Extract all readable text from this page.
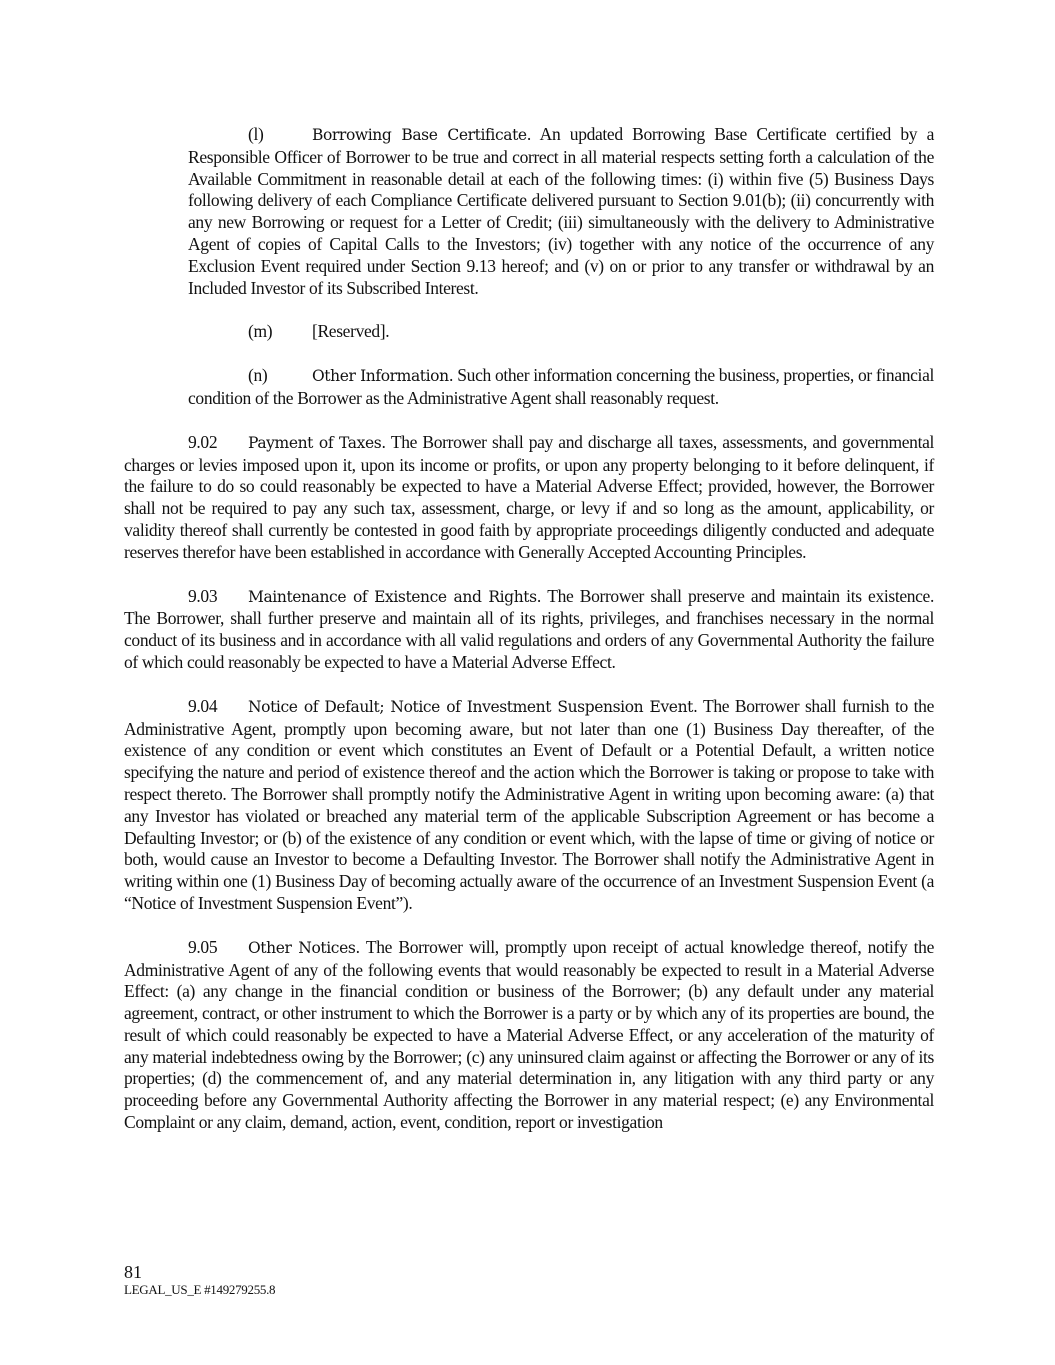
(l)	Borrowing Base Certificate. An updated Borrowing Base Certificate certified by a Responsible Officer of Borrower to be true and correct in all material respects setting forth a calculation of the Available Commitment in reasonable detail at each of the following times: (i) within five (5) Business Days following delivery of each Compliance Certificate delivered pursuant to Section 9.01(b); (ii) concurrently with any new Borrowing or request for a Letter of Credit; (iii) simultaneously with the delivery to Administrative Agent of copies of Capital Calls to the Investors; (iv) together with any notice of the occurrence of any Exclusion Event required under Section 9.13 hereof; and (v) on or prior to any transfer or withdrawal by an Included Investor of its Subscribed Interest.

(m) [Reserved].

(n)	Other Information. Such other information concerning the business, properties, or financial condition of the Borrower as the Administrative Agent shall reasonably request.

9.02 Payment of Taxes. The Borrower shall pay and discharge all taxes, assessments, and governmental charges or levies imposed upon it, upon its income or profits, or upon any property belonging to it before delinquent, if the failure to do so could reasonably be expected to have a Material Adverse Effect; provided, however, the Borrower shall not be required to pay any such tax, assessment, charge, or levy if and so long as the amount, applicability, or validity thereof shall currently be contested in good faith by appropriate proceedings diligently conducted and adequate reserves therefor have been established in accordance with Generally Accepted Accounting Principles.

9.03 Maintenance of Existence and Rights. The Borrower shall preserve and maintain its existence. The Borrower, shall further preserve and maintain all of its rights, privileges, and franchises necessary in the normal conduct of its business and in accordance with all valid regulations and orders of any Governmental Authority the failure of which could reasonably be expected to have a Material Adverse Effect.

9.04 Notice of Default; Notice of Investment Suspension Event. The Borrower shall furnish to the Administrative Agent, promptly upon becoming aware, but not later than one (1) Business Day thereafter, of the existence of any condition or event which constitutes an Event of Default or a Potential Default, a written notice specifying the nature and period of existence thereof and the action which the Borrower is taking or propose to take with respect thereto. The Borrower shall promptly notify the Administrative Agent in writing upon becoming aware: (a) that any Investor has violated or breached any material term of the applicable Subscription Agreement or has become a Defaulting Investor; or (b) of the existence of any condition or event which, with the lapse of time or giving of notice or both, would cause an Investor to become a Defaulting Investor. The Borrower shall notify the Administrative Agent in writing within one (1) Business Day of becoming actually aware of the occurrence of an Investment Suspension Event (a “Notice of Investment Suspension Event”).

9.05 Other Notices. The Borrower will, promptly upon receipt of actual knowledge thereof, notify the Administrative Agent of any of the following events that would reasonably be expected to result in a Material Adverse Effect: (a) any change in the financial condition or business of the Borrower; (b) any default under any material agreement, contract, or other instrument to which the Borrower is a party or by which any of its properties are bound, the result of which could reasonably be expected to have a Material Adverse Effect, or any acceleration of the maturity of any material indebtedness owing by the Borrower; (c) any uninsured claim against or affecting the Borrower or any of its properties; (d) the commencement of, and any material determination in, any litigation with any third party or any proceeding before any Governmental Authority affecting the Borrower in any material respect; (e) any Environmental Complaint or any claim, demand, action, event, condition, report or investigation

81
LEGAL_US_E #149279255.8
